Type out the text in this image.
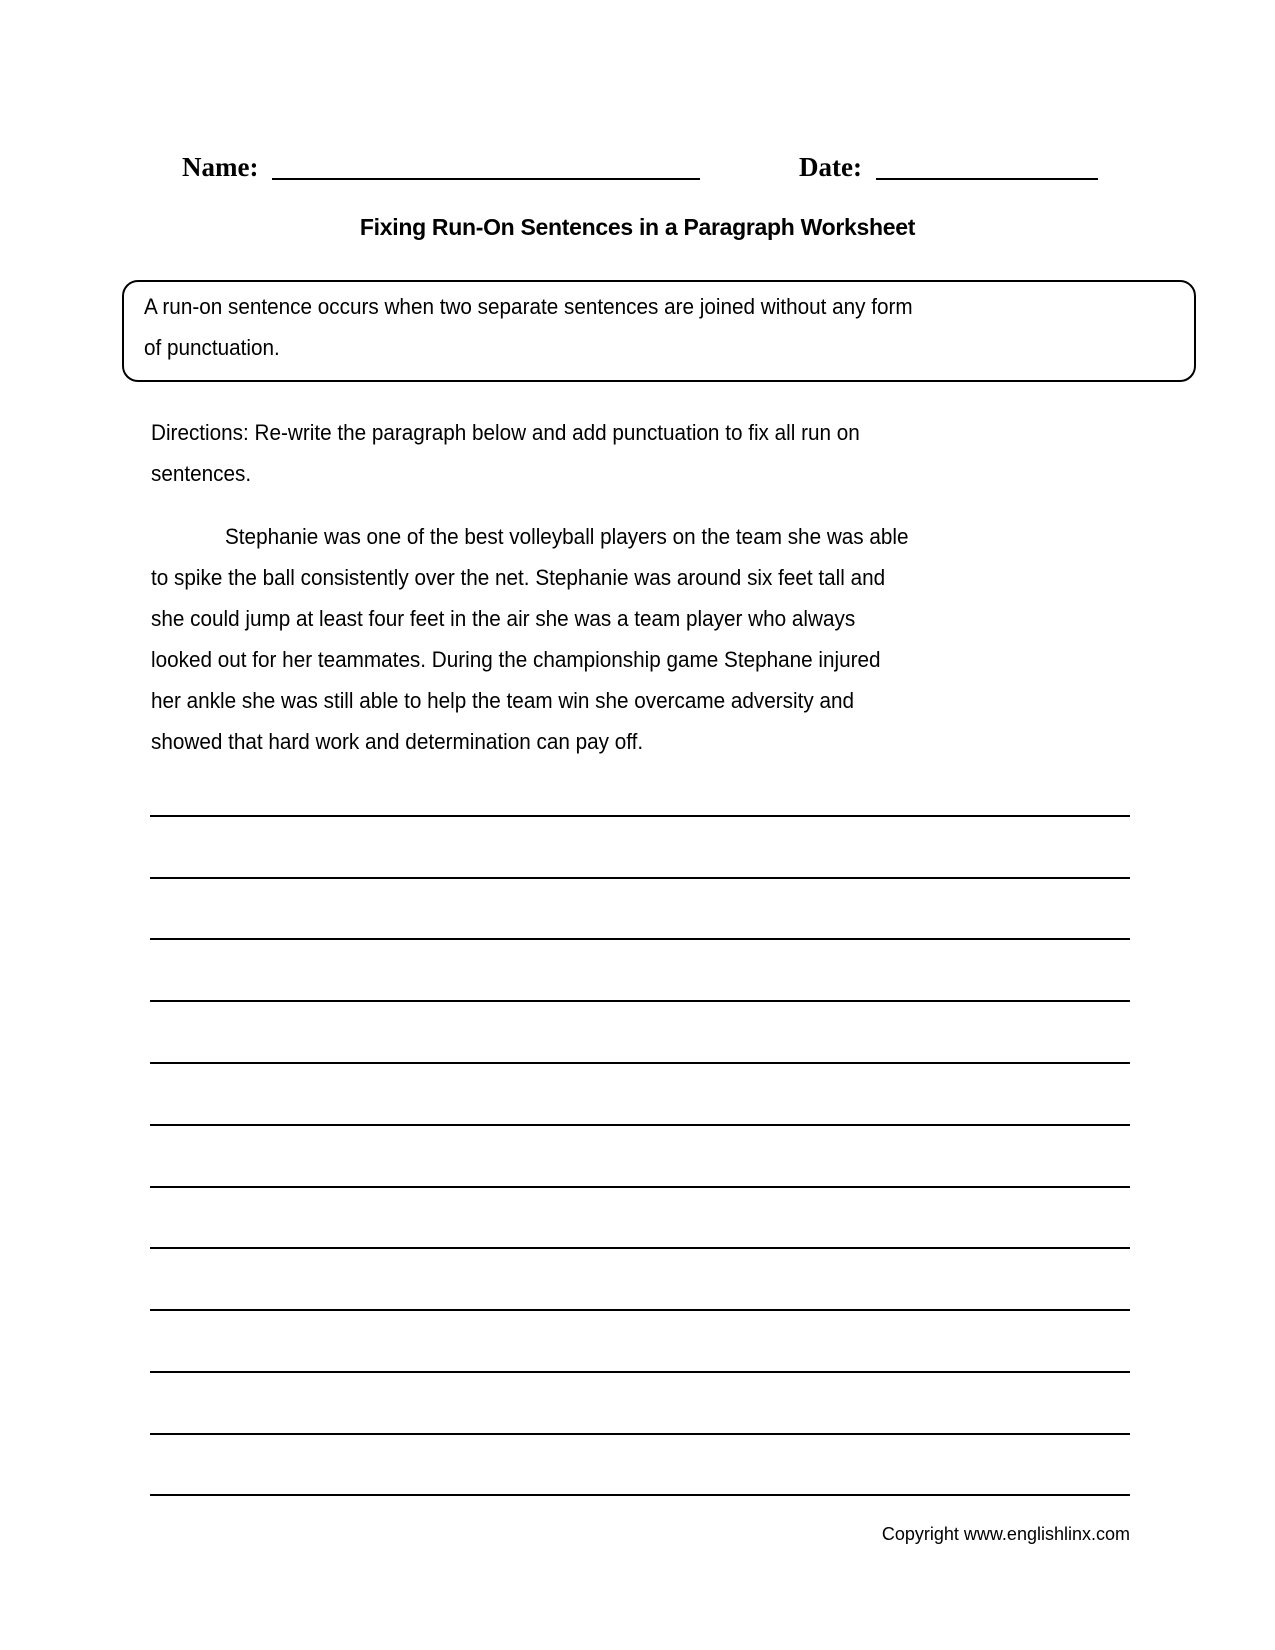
Name:	Date:
Fixing Run-On Sentences in a Paragraph Worksheet
A run-on sentence occurs when two separate sentences are joined without any form
of punctuation.
Directions: Re-write the paragraph below and add punctuation to fix all run on
sentences.
Stephanie was one of the best volleyball players on the team she was able
to spike the ball consistently over the net. Stephanie was around six feet tall and
she could jump at least four feet in the air she was a team player who always
looked out for her teammates. During the championship game Stephane injured
her ankle she was still able to help the team win she overcame adversity and
showed that hard work and determination can pay off.
Copyright www.englishlinx.com
